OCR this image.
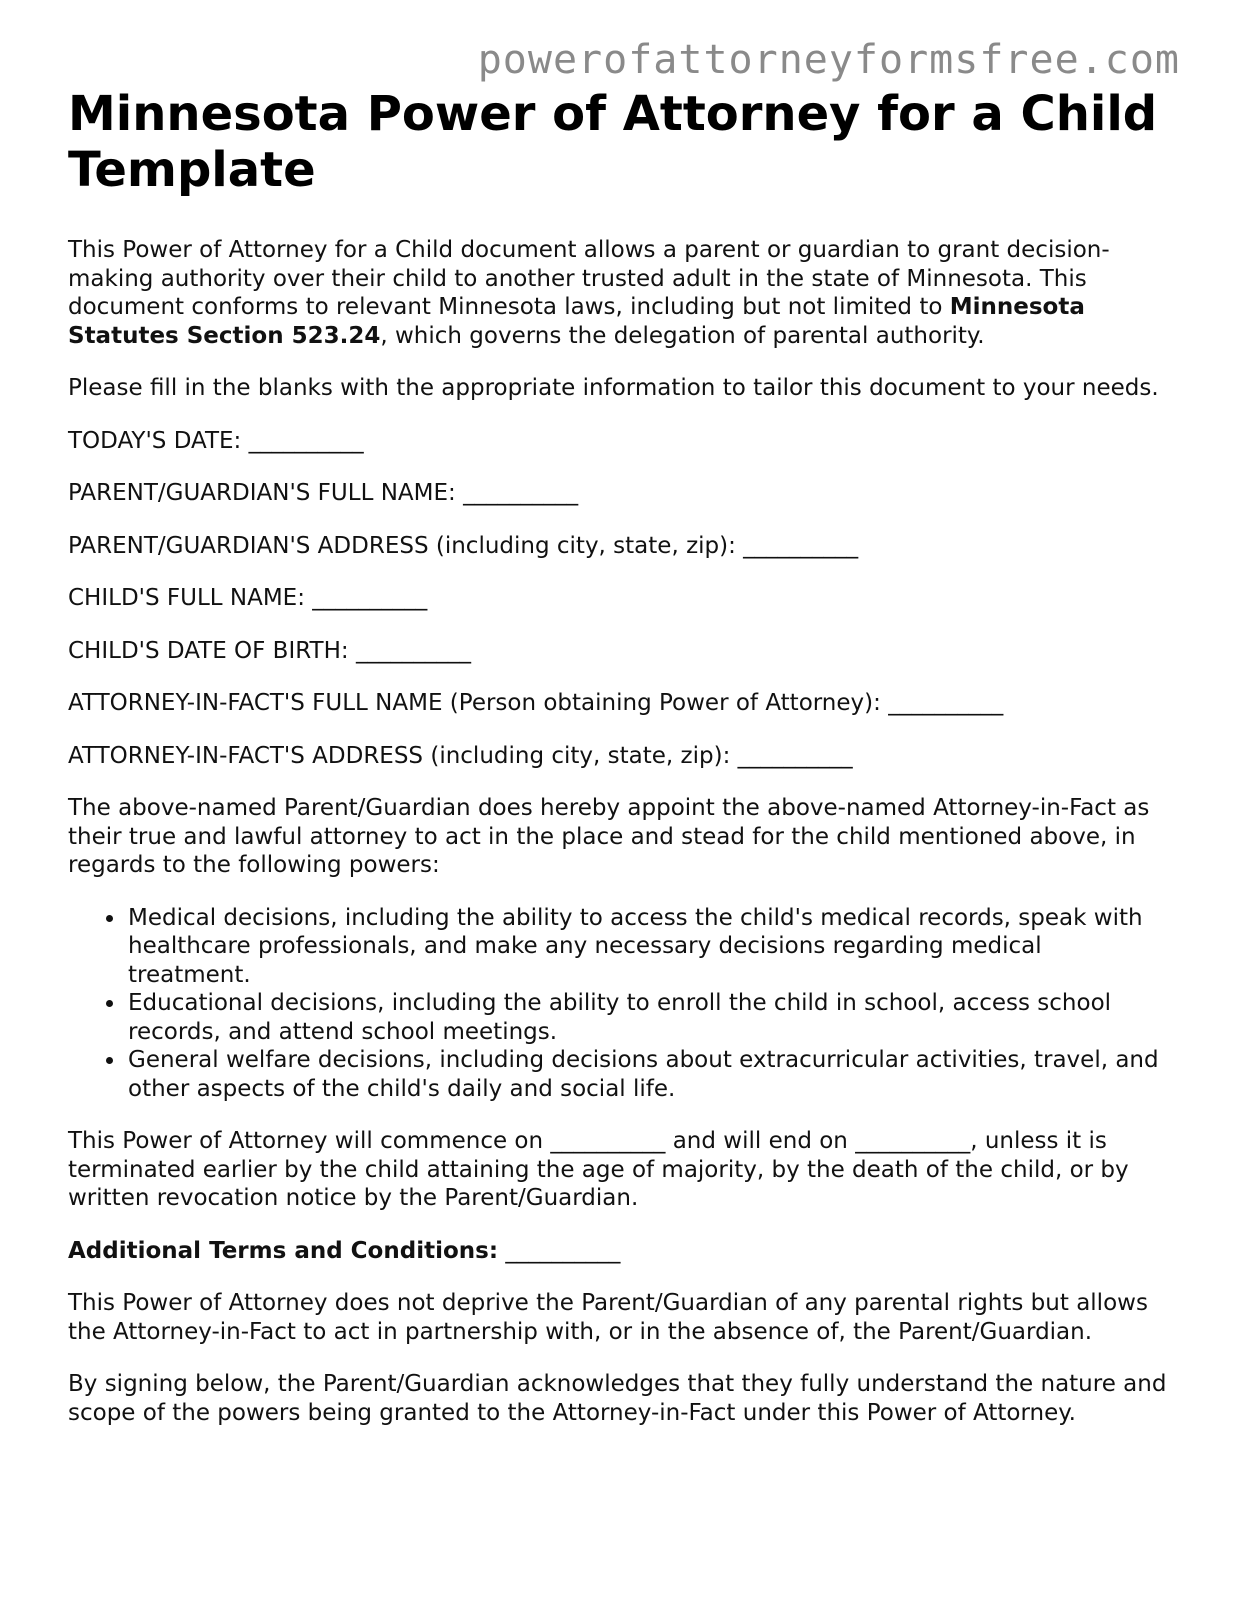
powerofattorneyformsfree.com
Minnesota Power of Attorney for a Child Template

This Power of Attorney for a Child document allows a parent or guardian to grant decision-making authority over their child to another trusted adult in the state of Minnesota. This document conforms to relevant Minnesota laws, including but not limited to Minnesota Statutes Section 523.24, which governs the delegation of parental authority.

Please fill in the blanks with the appropriate information to tailor this document to your needs.

TODAY'S DATE: __________

PARENT/GUARDIAN'S FULL NAME: __________

PARENT/GUARDIAN'S ADDRESS (including city, state, zip): __________

CHILD'S FULL NAME: __________

CHILD'S DATE OF BIRTH: __________

ATTORNEY-IN-FACT'S FULL NAME (Person obtaining Power of Attorney): __________

ATTORNEY-IN-FACT'S ADDRESS (including city, state, zip): __________

The above-named Parent/Guardian does hereby appoint the above-named Attorney-in-Fact as their true and lawful attorney to act in the place and stead for the child mentioned above, in regards to the following powers:

• Medical decisions, including the ability to access the child's medical records, speak with healthcare professionals, and make any necessary decisions regarding medical treatment.
• Educational decisions, including the ability to enroll the child in school, access school records, and attend school meetings.
• General welfare decisions, including decisions about extracurricular activities, travel, and other aspects of the child's daily and social life.

This Power of Attorney will commence on __________ and will end on __________, unless it is terminated earlier by the child attaining the age of majority, by the death of the child, or by written revocation notice by the Parent/Guardian.

Additional Terms and Conditions: __________

This Power of Attorney does not deprive the Parent/Guardian of any parental rights but allows the Attorney-in-Fact to act in partnership with, or in the absence of, the Parent/Guardian.

By signing below, the Parent/Guardian acknowledges that they fully understand the nature and scope of the powers being granted to the Attorney-in-Fact under this Power of Attorney.
